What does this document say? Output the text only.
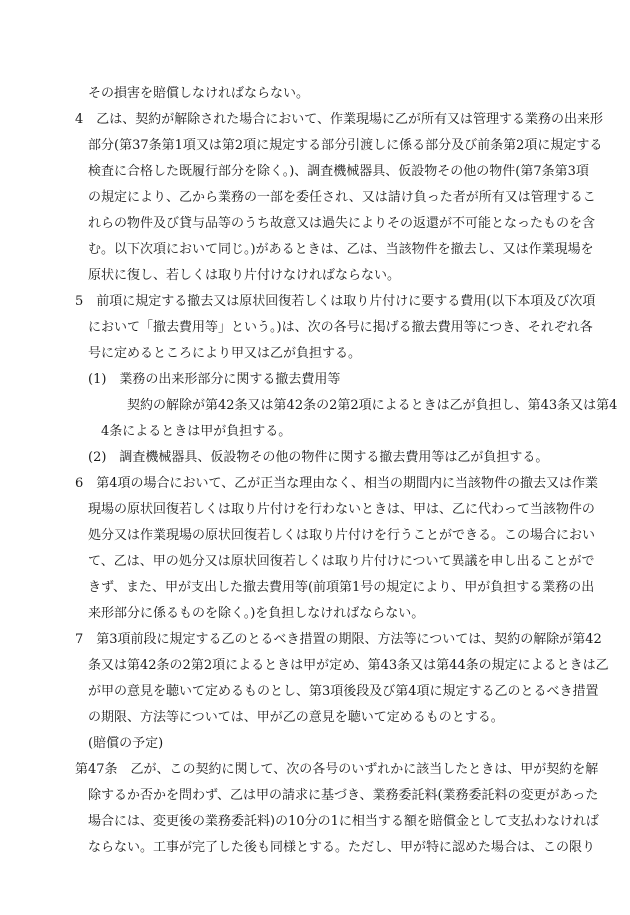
その損害を賠償しなければならない。
4　乙は、契約が解除された場合において、作業現場に乙が所有又は管理する業務の出来形
部分(第37条第1項又は第2項に規定する部分引渡しに係る部分及び前条第2項に規定する
検査に合格した既履行部分を除く。)、調査機械器具、仮設物その他の物件(第7条第3項
の規定により、乙から業務の一部を委任され、又は請け負った者が所有又は管理するこ
れらの物件及び貸与品等のうち故意又は過失によりその返還が不可能となったものを含
む。以下次項において同じ。)があるときは、乙は、当該物件を撤去し、又は作業現場を
原状に復し、若しくは取り片付けなければならない。
5　前項に規定する撤去又は原状回復若しくは取り片付けに要する費用(以下本項及び次項
において「撤去費用等」という。)は、次の各号に掲げる撤去費用等につき、それぞれ各
号に定めるところにより甲又は乙が負担する。
(1)　業務の出来形部分に関する撤去費用等
契約の解除が第42条又は第42条の2第2項によるときは乙が負担し、第43条又は第4
4条によるときは甲が負担する。
(2)　調査機械器具、仮設物その他の物件に関する撤去費用等は乙が負担する。
6　第4項の場合において、乙が正当な理由なく、相当の期間内に当該物件の撤去又は作業
現場の原状回復若しくは取り片付けを行わないときは、甲は、乙に代わって当該物件の
処分又は作業現場の原状回復若しくは取り片付けを行うことができる。この場合におい
て、乙は、甲の処分又は原状回復若しくは取り片付けについて異議を申し出ることがで
きず、また、甲が支出した撤去費用等(前項第1号の規定により、甲が負担する業務の出
来形部分に係るものを除く。)を負担しなければならない。
7　第3項前段に規定する乙のとるべき措置の期限、方法等については、契約の解除が第42
条又は第42条の2第2項によるときは甲が定め、第43条又は第44条の規定によるときは乙
が甲の意見を聴いて定めるものとし、第3項後段及び第4項に規定する乙のとるべき措置
の期限、方法等については、甲が乙の意見を聴いて定めるものとする。
(賠償の予定)
第47条　乙が、この契約に関して、次の各号のいずれかに該当したときは、甲が契約を解
除するか否かを問わず、乙は甲の請求に基づき、業務委託料(業務委託料の変更があった
場合には、変更後の業務委託料)の10分の1に相当する額を賠償金として支払わなければ
ならない。工事が完了した後も同様とする。ただし、甲が特に認めた場合は、この限り
